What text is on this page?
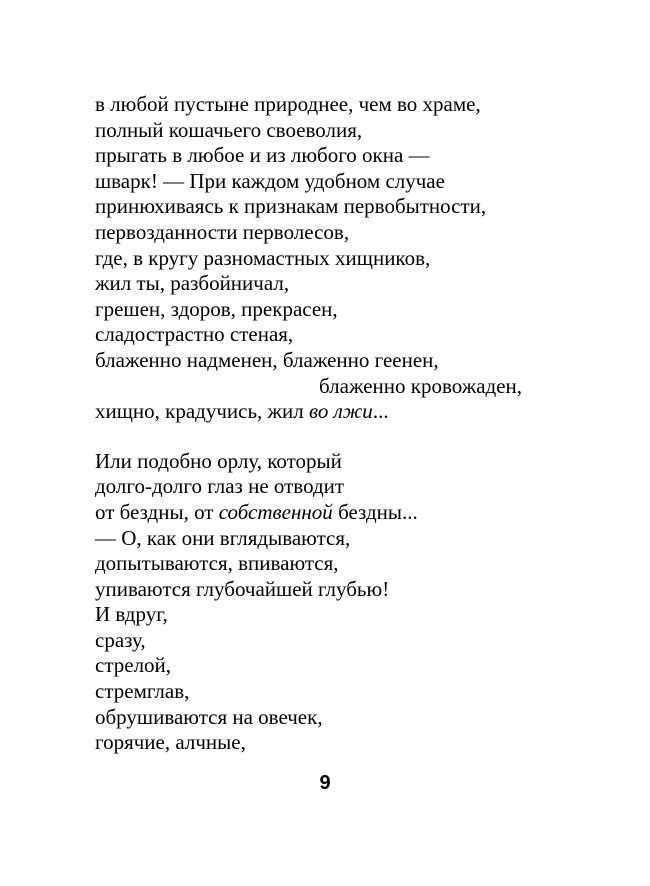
в любой пустыне природнее, чем во храме,
полный кошачьего своеволия,
прыгать в любое и из любого окна —
шварк! — При каждом удобном случае
принюхиваясь к признакам первобытности,
первозданности перволесов,
где, в кругу разномастных хищников,
жил ты, разбойничал,
грешен, здоров, прекрасен,
сладострастно стеная,
блаженно надменен, блаженно геенен,
блаженно кровожаден,
хищно, крадучись, жил во лжи...
Или подобно орлу, который
долго-долго глаз не отводит
от бездны, от собственной бездны...
— О, как они вглядываются,
допытываются, впиваются,
упиваются глубочайшей глубью!
И вдруг,
сразу,
стрелой,
стремглав,
обрушиваются на овечек,
горячие, алчные,
9
